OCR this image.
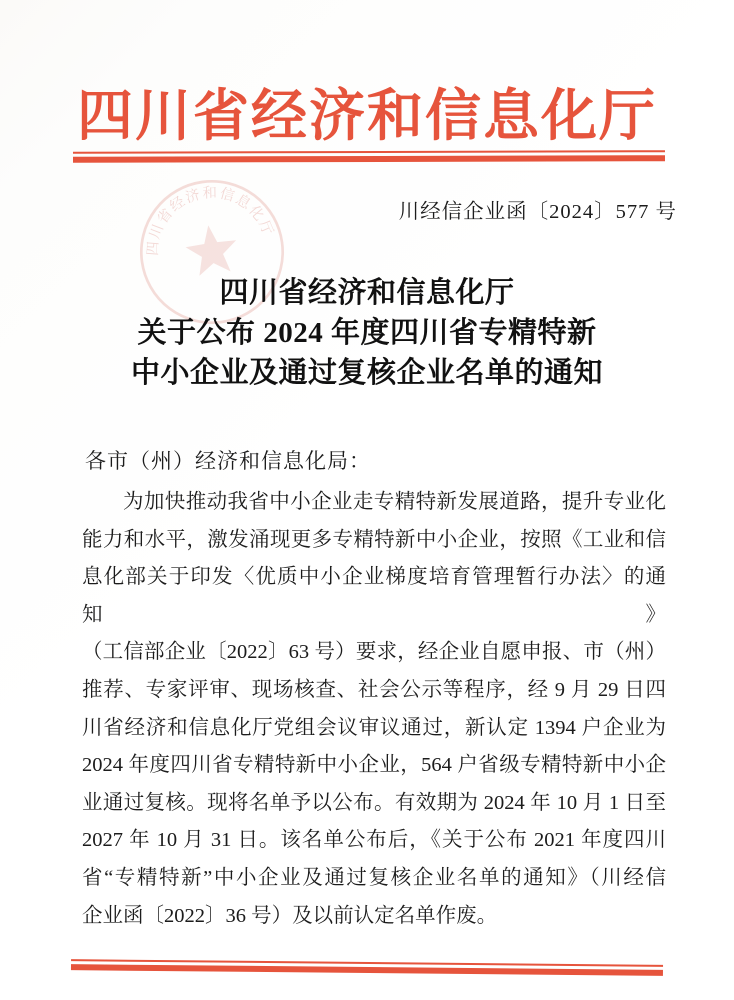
四川省经济和信息化厅
四川省经济和信息化厅
川经信企业函〔2024〕577 号
四川省经济和信息化厅
关于公布 2024 年度四川省专精特新
中小企业及通过复核企业名单的通知
各市（州）经济和信息化局：
为加快推动我省中小企业走专精特新发展道路，提升专业化
能力和水平，激发涌现更多专精特新中小企业，按照《工业和信
息化部关于印发〈优质中小企业梯度培育管理暂行办法〉的通知》
（工信部企业〔2022〕63 号）要求，经企业自愿申报、市（州）
推荐、专家评审、现场核查、社会公示等程序，经 9 月 29 日四
川省经济和信息化厅党组会议审议通过，新认定 1394 户企业为
2024 年度四川省专精特新中小企业，564 户省级专精特新中小企
业通过复核。现将名单予以公布。有效期为 2024 年 10 月 1 日至
2027 年 10 月 31 日。该名单公布后，《关于公布 2021 年度四川
省“专精特新”中小企业及通过复核企业名单的通知》（川经信
企业函〔2022〕36 号）及以前认定名单作废。
